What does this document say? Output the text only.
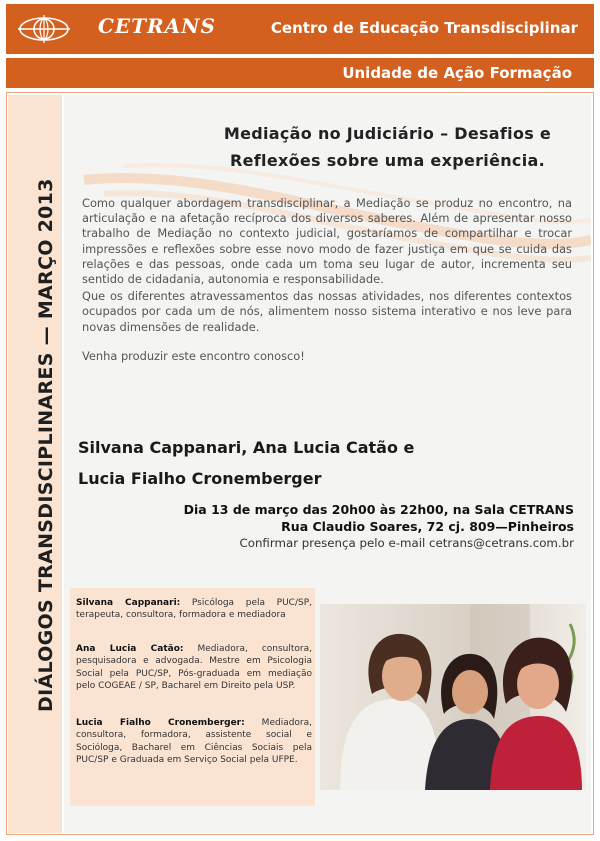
CETRANS	Centro de Educação Transdisciplinar
Unidade de Ação Formação
DIÁLOGOS TRANSDISCIPLINARES — MARÇO 2013
Mediação no Judiciário – Desafios e
Reflexões sobre uma experiência.

Como qualquer abordagem transdisciplinar, a Mediação se produz no encontro, na articulação e na afetação recíproca dos diversos saberes. Além de apresentar nosso trabalho de Mediação no contexto judicial, gostaríamos de compartilhar e trocar impressões e reflexões sobre esse novo modo de fazer justiça em que se cuida das relações e das pessoas, onde cada um toma seu lugar de autor, incrementa seu sentido de cidadania, autonomia e responsabilidade.

Que os diferentes atravessamentos das nossas atividades, nos diferentes contextos ocupados por cada um de nós, alimentem nosso sistema interativo e nos leve para novas dimensões de realidade.

Venha produzir este encontro conosco!

Silvana Cappanari, Ana Lucia Catão e
Lucia Fialho Cronemberger
Dia 13 de março das 20h00 às 22h00, na Sala CETRANS
Rua Claudio Soares, 72 cj. 809—Pinheiros
Confirmar presença pelo e-mail cetrans@cetrans.com.br
Silvana Cappanari: Psicóloga pela PUC/SP, terapeuta, consultora, formadora e mediadora
Ana Lucia Catão: Mediadora, consultora, pesquisadora e advogada. Mestre em Psicologia Social pela PUC/SP, Pós-graduada em mediação pelo COGEAE / SP, Bacharel em Direito pela USP.
Lucia Fialho Cronemberger: Mediadora, consultora, formadora, assistente social e Socióloga, Bacharel em Ciências Sociais pela PUC/SP e Graduada em Serviço Social pela UFPE.
